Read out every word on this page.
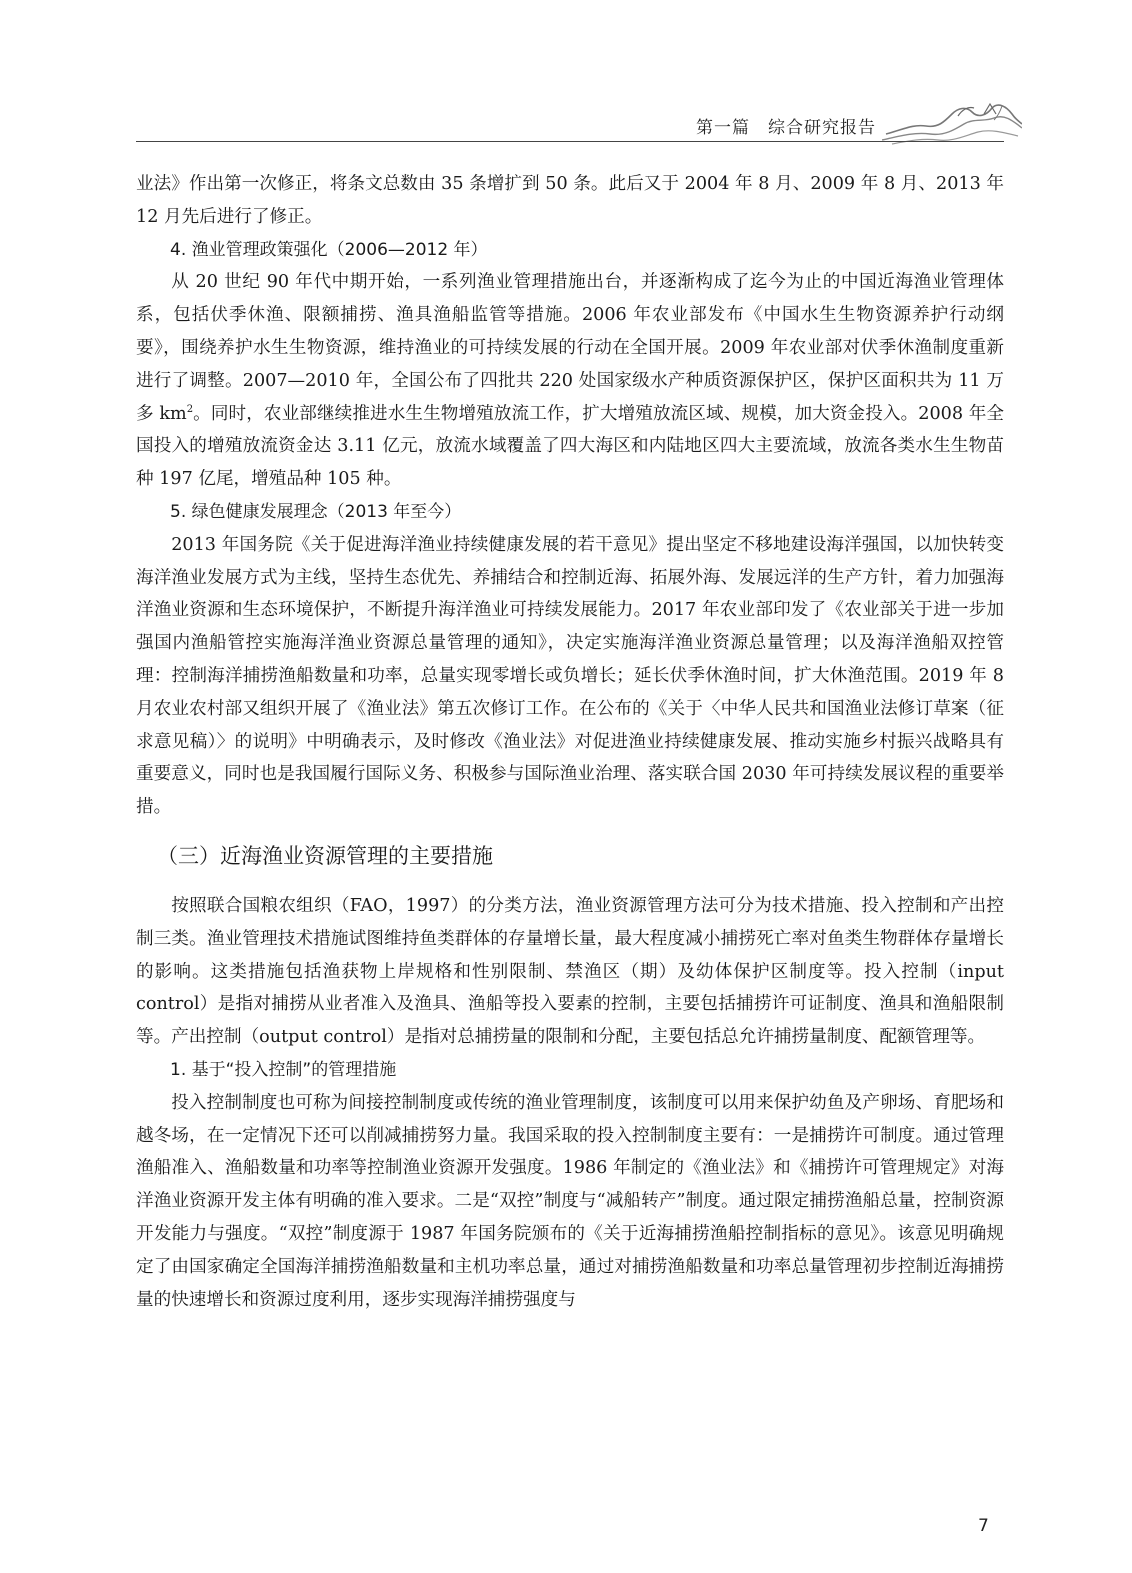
第一篇　综合研究报告

业法》作出第一次修正，将条文总数由 35 条增扩到 50 条。此后又于 2004 年 8 月、2009 年 8 月、2013 年 12 月先后进行了修正。

4. 渔业管理政策强化（2006—2012 年）

从 20 世纪 90 年代中期开始，一系列渔业管理措施出台，并逐渐构成了迄今为止的中国近海渔业管理体系，包括伏季休渔、限额捕捞、渔具渔船监管等措施。2006 年农业部发布《中国水生生物资源养护行动纲要》，围绕养护水生生物资源，维持渔业的可持续发展的行动在全国开展。2009 年农业部对伏季休渔制度重新进行了调整。2007—2010 年，全国公布了四批共 220 处国家级水产种质资源保护区，保护区面积共为 11 万多 $km^2$。同时，农业部继续推进水生生物增殖放流工作，扩大增殖放流区域、规模，加大资金投入。2008 年全国投入的增殖放流资金达 3.11 亿元，放流水域覆盖了四大海区和内陆地区四大主要流域，放流各类水生生物苗种 197 亿尾，增殖品种 105 种。

5. 绿色健康发展理念（2013 年至今）

2013 年国务院《关于促进海洋渔业持续健康发展的若干意见》提出坚定不移地建设海洋强国，以加快转变海洋渔业发展方式为主线，坚持生态优先、养捕结合和控制近海、拓展外海、发展远洋的生产方针，着力加强海洋渔业资源和生态环境保护，不断提升海洋渔业可持续发展能力。2017 年农业部印发了《农业部关于进一步加强国内渔船管控实施海洋渔业资源总量管理的通知》，决定实施海洋渔业资源总量管理；以及海洋渔船双控管理：控制海洋捕捞渔船数量和功率，总量实现零增长或负增长；延长伏季休渔时间，扩大休渔范围。2019 年 8 月农业农村部又组织开展了《渔业法》第五次修订工作。在公布的《关于〈中华人民共和国渔业法修订草案（征求意见稿）〉的说明》中明确表示，及时修改《渔业法》对促进渔业持续健康发展、推动实施乡村振兴战略具有重要意义，同时也是我国履行国际义务、积极参与国际渔业治理、落实联合国 2030 年可持续发展议程的重要举措。

（三）近海渔业资源管理的主要措施

按照联合国粮农组织（FAO，1997）的分类方法，渔业资源管理方法可分为技术措施、投入控制和产出控制三类。渔业管理技术措施试图维持鱼类群体的存量增长量，最大程度减小捕捞死亡率对鱼类生物群体存量增长的影响。这类措施包括渔获物上岸规格和性别限制、禁渔区（期）及幼体保护区制度等。投入控制（input control）是指对捕捞从业者准入及渔具、渔船等投入要素的控制，主要包括捕捞许可证制度、渔具和渔船限制等。产出控制（output control）是指对总捕捞量的限制和分配，主要包括总允许捕捞量制度、配额管理等。

1. 基于“投入控制”的管理措施

投入控制制度也可称为间接控制制度或传统的渔业管理制度，该制度可以用来保护幼鱼及产卵场、育肥场和越冬场，在一定情况下还可以削减捕捞努力量。我国采取的投入控制制度主要有：一是捕捞许可制度。通过管理渔船准入、渔船数量和功率等控制渔业资源开发强度。1986 年制定的《渔业法》和《捕捞许可管理规定》对海洋渔业资源开发主体有明确的准入要求。二是“双控”制度与“减船转产”制度。通过限定捕捞渔船总量，控制资源开发能力与强度。“双控”制度源于 1987 年国务院颁布的《关于近海捕捞渔船控制指标的意见》。该意见明确规定了由国家确定全国海洋捕捞渔船数量和主机功率总量，通过对捕捞渔船数量和功率总量管理初步控制近海捕捞量的快速增长和资源过度利用，逐步实现海洋捕捞强度与

7
